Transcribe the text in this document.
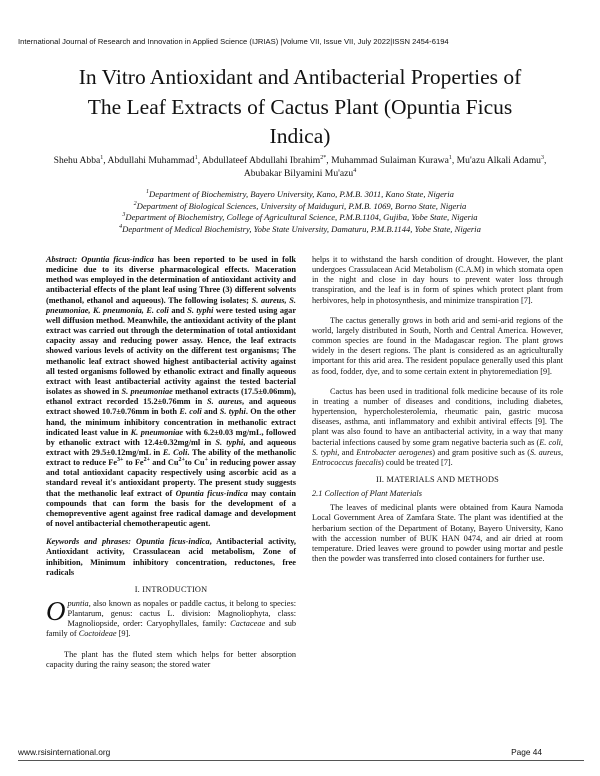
International Journal of Research and Innovation in Applied Science (IJRIAS) |Volume VII, Issue VII, July 2022|ISSN 2454-6194
In Vitro Antioxidant and Antibacterial Properties of
The Leaf Extracts of Cactus Plant (Opuntia Ficus
Indica)
Shehu Abba$^1$, Abdullahi Muhammad$^1$, Abdullateef Abdullahi Ibrahim$^{2*}$, Muhammad Sulaiman Kurawa$^1$, Mu'azu Alkali Adamu$^3$, Abubakar Bilyamini Mu'azu$^4$
$^1$Department of Biochemistry, Bayero University, Kano, P.M.B. 3011, Kano State, Nigeria
$^2$Department of Biological Sciences, University of Maiduguri, P.M.B. 1069, Borno State, Nigeria
$^3$Department of Biochemistry, College of Agricultural Science, P.M.B.1104, Gujiba, Yobe State, Nigeria
$^4$Department of Medical Biochemistry, Yobe State University, Damaturu, P.M.B.1144, Yobe State, Nigeria

Abstract: Opuntia ficus-indica has been reported to be used in folk medicine due to its diverse pharmacological effects. Maceration method was employed in the determination of antioxidant activity and antibacterial effects of the plant leaf using Three (3) different solvents (methanol, ethanol and aqueous). The following isolates; S. aureus, S. pneumoniae, K. pneumonia, E. coli and S. typhi were tested using agar well diffusion method. Meanwhile, the antioxidant activity of the plant extract was carried out through the determination of total antioxidant capacity assay and reducing power assay. Hence, the leaf extracts showed various levels of activity on the different test organisms; The methanolic leaf extract showed highest antibacterial activity against all tested organisms followed by ethanolic extract and finally aqueous extract with least antibacterial activity against the tested bacterial isolates as showed in S. pneumoniae methanol extracts (17.5±0.06mm), ethanol extract recorded 15.2±0.76mm in S. aureus, and aqueous extract showed 10.7±0.76mm in both E. coli and S. typhi. On the other hand, the minimum inhibitory concentration in methanolic extract indicated least value in K. pneumoniae with 6.2±0.03 mg/mL, followed by ethanolic extract with 12.4±0.32mg/ml in S. typhi, and aqueous extract with 29.5±0.12mg/mL in E. Coli. The ability of the methanolic extract to reduce $Fe^{3+}$ to $Fe^{2+}$ and $Cu^{2+}to$ Cu+ in reducing power assay and total antioxidant capacity respectively using ascorbic acid as a standard reveal it's antioxidant property. The present study suggests that the methanolic leaf extract of Opuntia ficus-indica may contain compounds that can form the basis for the development of a chemopreventive agent against free radical damage and development of novel antibacterial chemotherapeutic agent.

Keywords and phrases: Opuntia ficus-indica, Antibacterial activity, Antioxidant activity, Crassulacean acid metabolism, Zone of inhibition, Minimum inhibitory concentration, reductones, free radicals

I. INTRODUCTION

Opuntia, also known as nopales or paddle cactus, it belong to species: Plantarum, genus: cactus L. division: Magnoliophyta, class: Magnoliopside, order: Caryophyllales, family: Cactaceae and sub family of Coctoideae [9].

The plant has the fluted stem which helps for better absorption capacity during the rainy season; the stored water

helps it to withstand the harsh condition of drought. However, the plant undergoes Crassulacean Acid Metabolism (C.A.M) in which stomata open in the night and close in day hours to prevent water loss through transpiration, and the leaf is in form of spines which protect plant from herbivores, help in photosynthesis, and minimize transpiration [7].

The cactus generally grows in both arid and semi-arid regions of the world, largely distributed in South, North and Central America. However, common species are found in the Madagascar region. The plant grows widely in the desert regions. The plant is considered as an agriculturally important for this arid area. The resident populace generally used this plant as food, fodder, dye, and to some certain extent in phytoremediation [9].

Cactus has been used in traditional folk medicine because of its role in treating a number of diseases and conditions, including diabetes, hypertension, hypercholesterolemia, rheumatic pain, gastric mucosa diseases, asthma, anti inflammatory and exhibit antiviral effects [9]. The plant was also found to have an antibacterial activity, in a way that many bacterial infections caused by some gram negative bacteria such as (E. coli, S. typhi, and Entrobacter aerogenes) and gram positive such as (S. aureus, Entrococcus faecalis) could be treated [7].

II. MATERIALS AND METHODS
2.1 Collection of Plant Materials

The leaves of medicinal plants were obtained from Kaura Namoda Local Government Area of Zamfara State. The plant was identified at the herbarium section of the Department of Botany, Bayero University, Kano with the accession number of BUK HAN 0474, and air dried at room temperature. Dried leaves were ground to powder using mortar and pestle then the powder was transferred into closed containers for further use.

www.rsisinternational.org	Page 44
